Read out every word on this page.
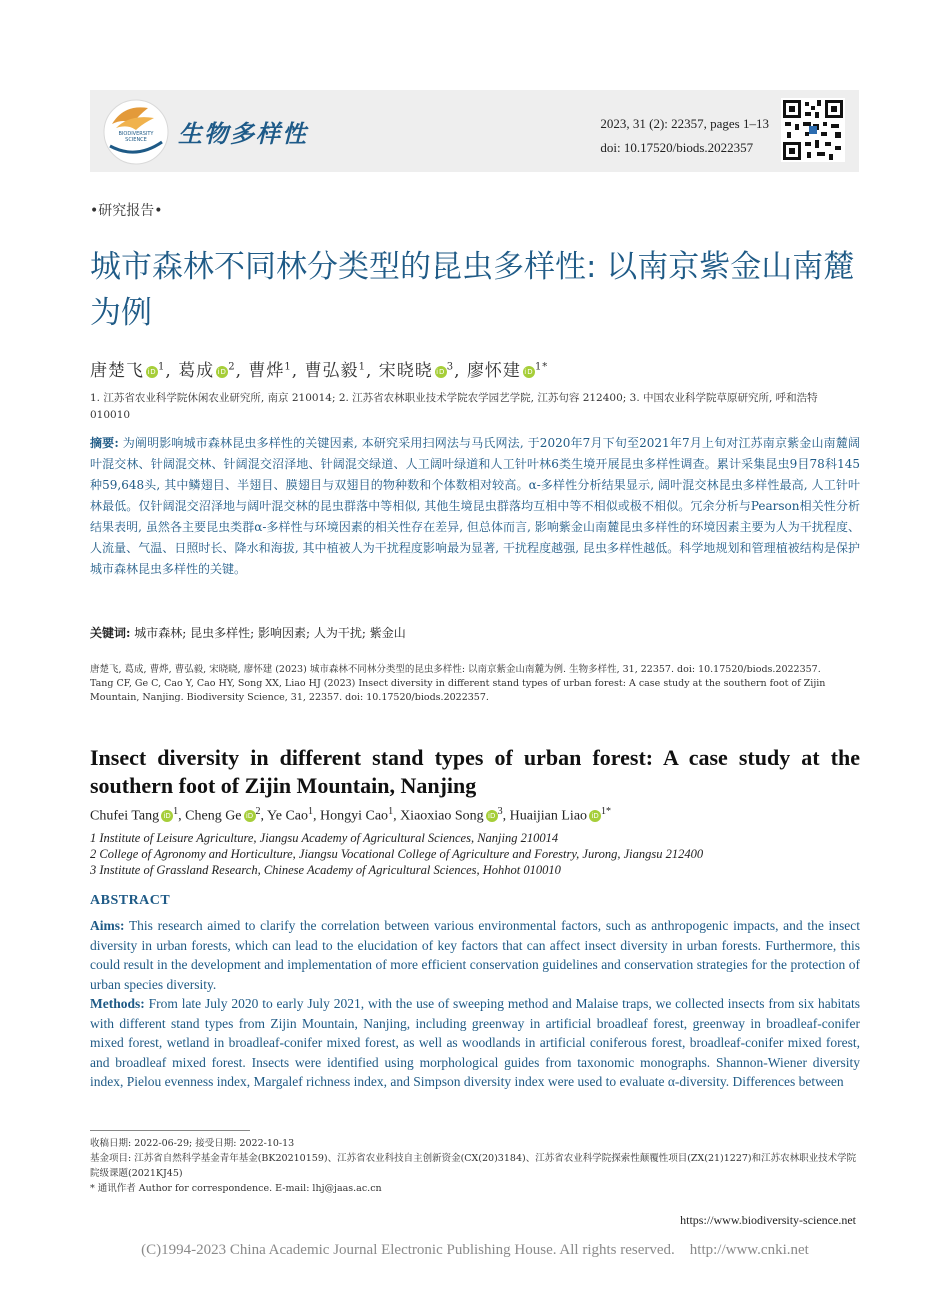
BIODIVERSITY
SCIENCE 生物多样性	2023, 31 (2): 22357, pages 1–13
doi: 10.17520/biods.2022357
•研究报告•
城市森林不同林分类型的昆虫多样性: 以南京紫金山南麓为例
唐楚飞 $iD^1$, 葛成 $iD^2$, 曹烨$^1$, 曹弘毅$^1$, 宋晓晓 $iD^3$, 廖怀建 $iD^{1*}$
1. 江苏省农业科学院休闲农业研究所, 南京 210014; 2. 江苏省农林职业技术学院农学园艺学院, 江苏句容 212400; 3. 中国农业科学院草原研究所, 呼和浩特 010010
摘要: 为阐明影响城市森林昆虫多样性的关键因素, 本研究采用扫网法与马氏网法, 于2020年7月下旬至2021年7月上旬对江苏南京紫金山南麓阔叶混交林、针阔混交林、针阔混交沼泽地、针阔混交绿道、人工阔叶绿道和人工针叶林6类生境开展昆虫多样性调查。累计采集昆虫9目78科145种59,648头, 其中鳞翅目、半翅目、膜翅目与双翅目的物种数和个体数相对较高。α-多样性分析结果显示, 阔叶混交林昆虫多样性最高, 人工针叶林最低。仅针阔混交沼泽地与阔叶混交林的昆虫群落中等相似, 其他生境昆虫群落均互相中等不相似或极不相似。冗余分析与Pearson相关性分析结果表明, 虽然各主要昆虫类群α-多样性与环境因素的相关性存在差异, 但总体而言, 影响紫金山南麓昆虫多样性的环境因素主要为人为干扰程度、人流量、气温、日照时长、降水和海拔, 其中植被人为干扰程度影响最为显著, 干扰程度越强, 昆虫多样性越低。科学地规划和管理植被结构是保护城市森林昆虫多样性的关键。
关键词: 城市森林; 昆虫多样性; 影响因素; 人为干扰; 紫金山
唐楚飞, 葛成, 曹烨, 曹弘毅, 宋晓晓, 廖怀建 (2023) 城市森林不同林分类型的昆虫多样性: 以南京紫金山南麓为例. 生物多样性, 31, 22357. doi: 10.17520/biods.2022357.
Tang CF, Ge C, Cao Y, Cao HY, Song XX, Liao HJ (2023) Insect diversity in different stand types of urban forest: A case study at the southern foot of Zijin Mountain, Nanjing. Biodiversity Science, 31, 22357. doi: 10.17520/biods.2022357.
Insect diversity in different stand types of urban forest: A case study at the southern foot of Zijin Mountain, Nanjing
Chufei Tang iD $^1$, Cheng Ge iD $^2$, Ye Cao$^1$, Hongyi Cao$^1$, Xiaoxiao Song iD $^3$, Huaijian Liao iD $^{1*}$
1 Institute of Leisure Agriculture, Jiangsu Academy of Agricultural Sciences, Nanjing 210014
2 College of Agronomy and Horticulture, Jiangsu Vocational College of Agriculture and Forestry, Jurong, Jiangsu 212400
3 Institute of Grassland Research, Chinese Academy of Agricultural Sciences, Hohhot 010010
ABSTRACT
Aims: This research aimed to clarify the correlation between various environmental factors, such as anthropogenic impacts, and the insect diversity in urban forests, which can lead to the elucidation of key factors that can affect insect diversity in urban forests. Furthermore, this could result in the development and implementation of more efficient conservation guidelines and conservation strategies for the protection of urban species diversity.
Methods: From late July 2020 to early July 2021, with the use of sweeping method and Malaise traps, we collected insects from six habitats with different stand types from Zijin Mountain, Nanjing, including greenway in artificial broadleaf forest, greenway in broadleaf-conifer mixed forest, wetland in broadleaf-conifer mixed forest, as well as woodlands in artificial coniferous forest, broadleaf-conifer mixed forest, and broadleaf mixed forest. Insects were identified using morphological guides from taxonomic monographs. Shannon-Wiener diversity index, Pielou evenness index, Margalef richness index, and Simpson diversity index were used to evaluate α-diversity. Differences between
收稿日期: 2022-06-29; 接受日期: 2022-10-13
基金项目: 江苏省自然科学基金青年基金(BK20210159)、江苏省农业科技自主创新资金(CX(20)3184)、江苏省农业科学院探索性颠覆性项目(ZX(21)1227)和江苏农林职业技术学院院级课题(2021KJ45)
* 通讯作者 Author for correspondence. E-mail: lhj@jaas.ac.cn
https://www.biodiversity-science.net
(C)1994-2023 China Academic Journal Electronic Publishing House. All rights reserved.    http://www.cnki.net
